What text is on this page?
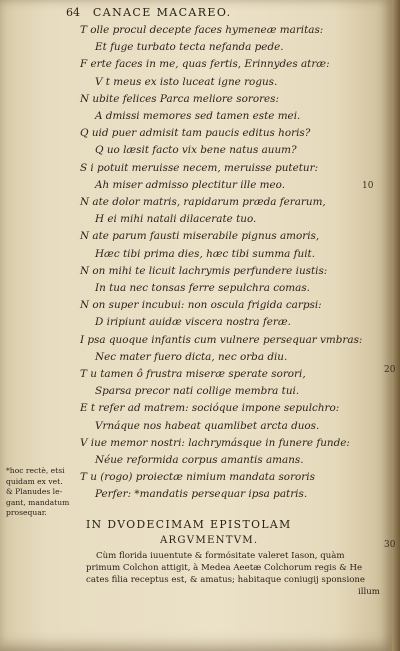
64 CANACE MACAREO.
T olle procul decepte faces hymeneæ maritas:
Et fuge turbato tecta nefanda pede.
F erte faces in me, quas fertis, Erinnydes atræ:
V t meus ex isto luceat igne rogus.
N ubite felices Parca meliore sorores:
A dmissi memores sed tamen este mei.
Q uid puer admisit tam paucis editus horis?
Q uo læsit facto vix bene natus auum?
S i potuit meruisse necem, meruisse putetur:
Ah miser admisso plectitur ille meo.
N ate dolor matris, rapidarum præda ferarum,
H ei mihi natali dilacerate tuo.
N ate parum fausti miserabile pignus amoris,
Hæc tibi prima dies, hæc tibi summa fuit.
N on mihi te licuit lachrymis perfundere iustis:
In tua nec tonsas ferre sepulchra comas.
N on super incubui: non oscula frigida carpsi:
D iripiunt auidæ viscera nostra feræ.
I psa quoque infantis cum vulnere persequar vmbras:
Nec mater fuero dicta, nec orba diu.
T u tamen ô frustra miseræ sperate sorori,
Sparsa precor nati collige membra tui.
E t refer ad matrem: socióque impone sepulchro:
Vrnáque nos habeat quamlibet arcta duos.
V iue memor nostri: lachrymásque in funere funde:
Néue reformida corpus amantis amans.
T u (rogo) proiectæ nimium mandata sororis
Perfer: *mandatis persequar ipsa patris.
10
20
30
*hoc rectè, etsi
quidam ex vet.
& Planudes le-
gant, mandatum
prosequar.
IN DVODECIMAM EPISTOLAM
ARGVMENTVM.
Cùm florida iuuentute & formósitate valeret Iason, quàm
primum Colchon attigit, à Medea Aeetæ Colchorum regis & He
cates filia receptus est, & amatus; habitaque coniugij sponsione
illum
